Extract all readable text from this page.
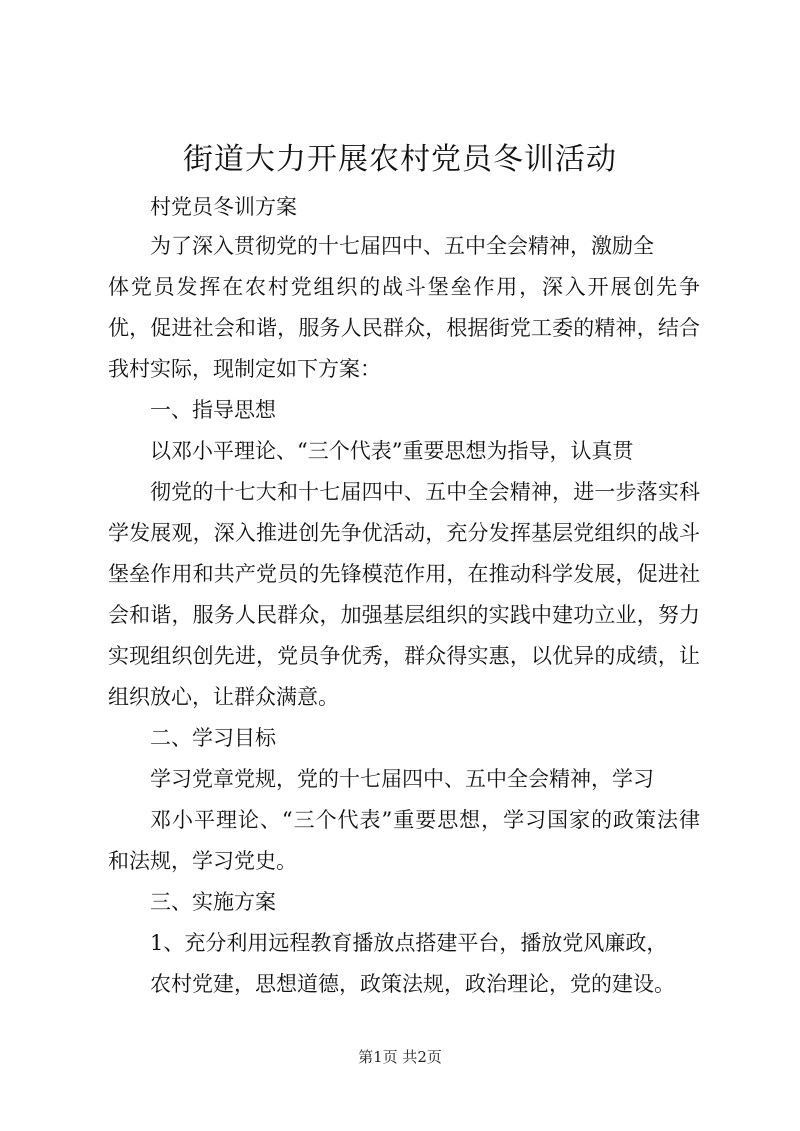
街道大力开展农村党员冬训活动
村党员冬训方案
为了深入贯彻党的十七届四中、五中全会精神，激励全
体党员发挥在农村党组织的战斗堡垒作用，深入开展创先争
优，促进社会和谐，服务人民群众，根据街党工委的精神，结合
我村实际，现制定如下方案：
一、指导思想
以邓小平理论、“三个代表”重要思想为指导，认真贯
彻党的十七大和十七届四中、五中全会精神，进一步落实科
学发展观，深入推进创先争优活动，充分发挥基层党组织的战斗
堡垒作用和共产党员的先锋模范作用，在推动科学发展，促进社
会和谐，服务人民群众，加强基层组织的实践中建功立业，努力
实现组织创先进，党员争优秀，群众得实惠，以优异的成绩，让
组织放心，让群众满意。
二、学习目标
学习党章党规，党的十七届四中、五中全会精神，学习
邓小平理论、“三个代表”重要思想，学习国家的政策法律
和法规，学习党史。
三、实施方案
1、充分利用远程教育播放点搭建平台，播放党风廉政，
农村党建，思想道德，政策法规，政治理论，党的建设。
第1页 共2页
